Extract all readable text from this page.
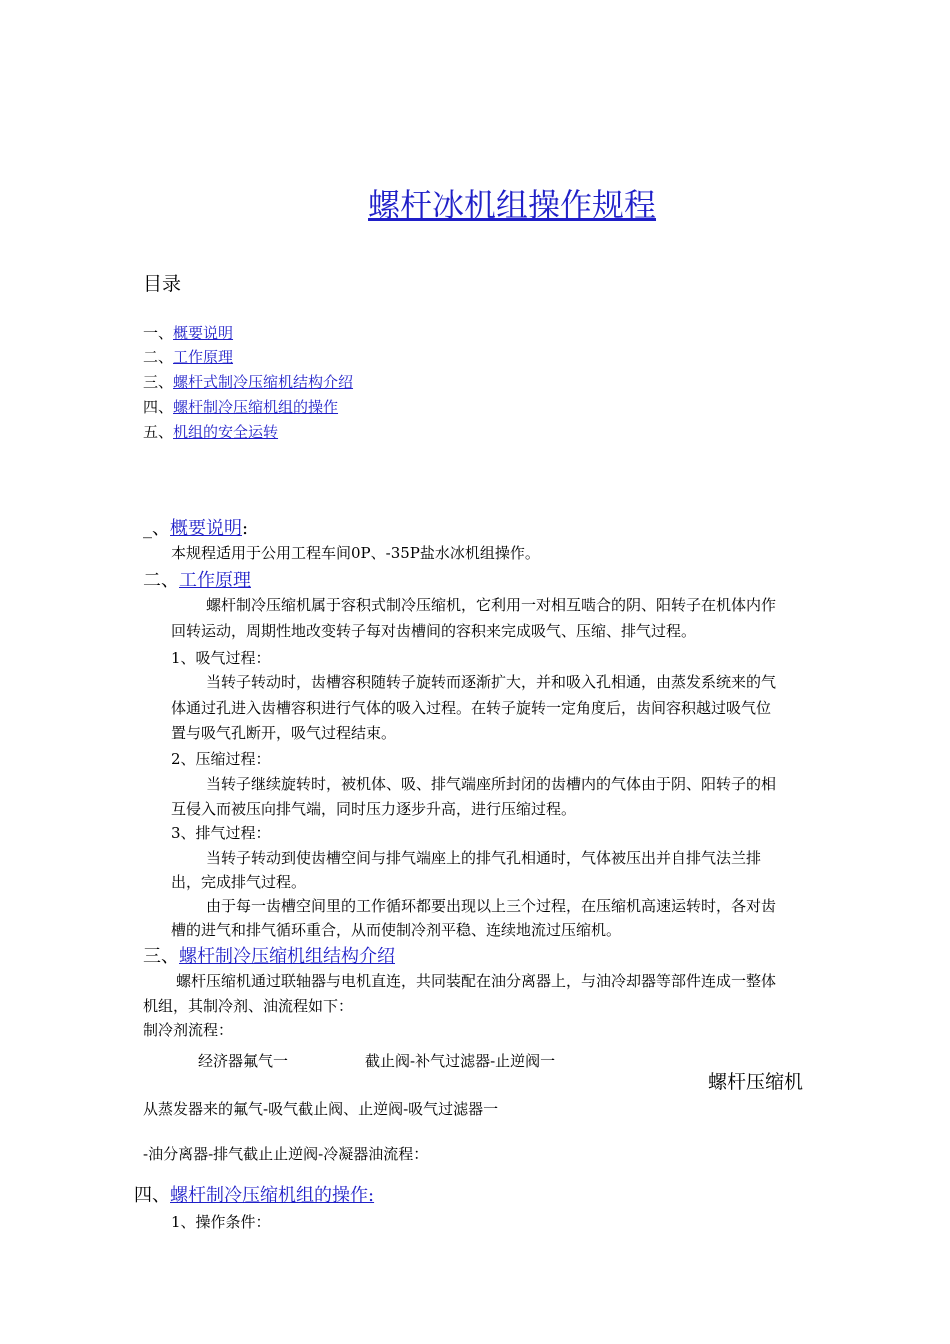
螺杆冰机组操作规程
目录
一、概要说明
二、工作原理
三、螺杆式制冷压缩机结构介绍
四、螺杆制冷压缩机组的操作
五、机组的安全运转
_、概要说明:
本规程适用于公用工程车间0P、-35P盐水冰机组操作。
二、工作原理
螺杆制冷压缩机属于容积式制冷压缩机，它利用一对相互啮合的阴、阳转子在机体内作
回转运动，周期性地改变转子每对齿槽间的容积来完成吸气、压缩、排气过程。
1、吸气过程：
当转子转动时，齿槽容积随转子旋转而逐渐扩大，并和吸入孔相通，由蒸发系统来的气
体通过孔进入齿槽容积进行气体的吸入过程。在转子旋转一定角度后，齿间容积越过吸气位
置与吸气孔断开，吸气过程结束。
2、压缩过程：
当转子继续旋转时，被机体、吸、排气端座所封闭的齿槽内的气体由于阴、阳转子的相
互侵入而被压向排气端，同时压力逐步升高，进行压缩过程。
3、排气过程：
当转子转动到使齿槽空间与排气端座上的排气孔相通时，气体被压出并自排气法兰排
出，完成排气过程。
由于每一齿槽空间里的工作循环都要出现以上三个过程，在压缩机高速运转时，各对齿
槽的进气和排气循环重合，从而使制冷剂平稳、连续地流过压缩机。
三、螺杆制冷压缩机组结构介绍
螺杆压缩机通过联轴器与电机直连，共同装配在油分离器上，与油冷却器等部件连成一整体
机组，其制冷剂、油流程如下：
制冷剂流程：
经济器氟气一	截止阀-补气过滤器-止逆阀一
螺杆压缩机
从蒸发器来的氟气-吸气截止阀、止逆阀-吸气过滤器一
-油分离器-排气截止止逆阀-冷凝器油流程：
四、螺杆制冷压缩机组的操作:
1、操作条件：
